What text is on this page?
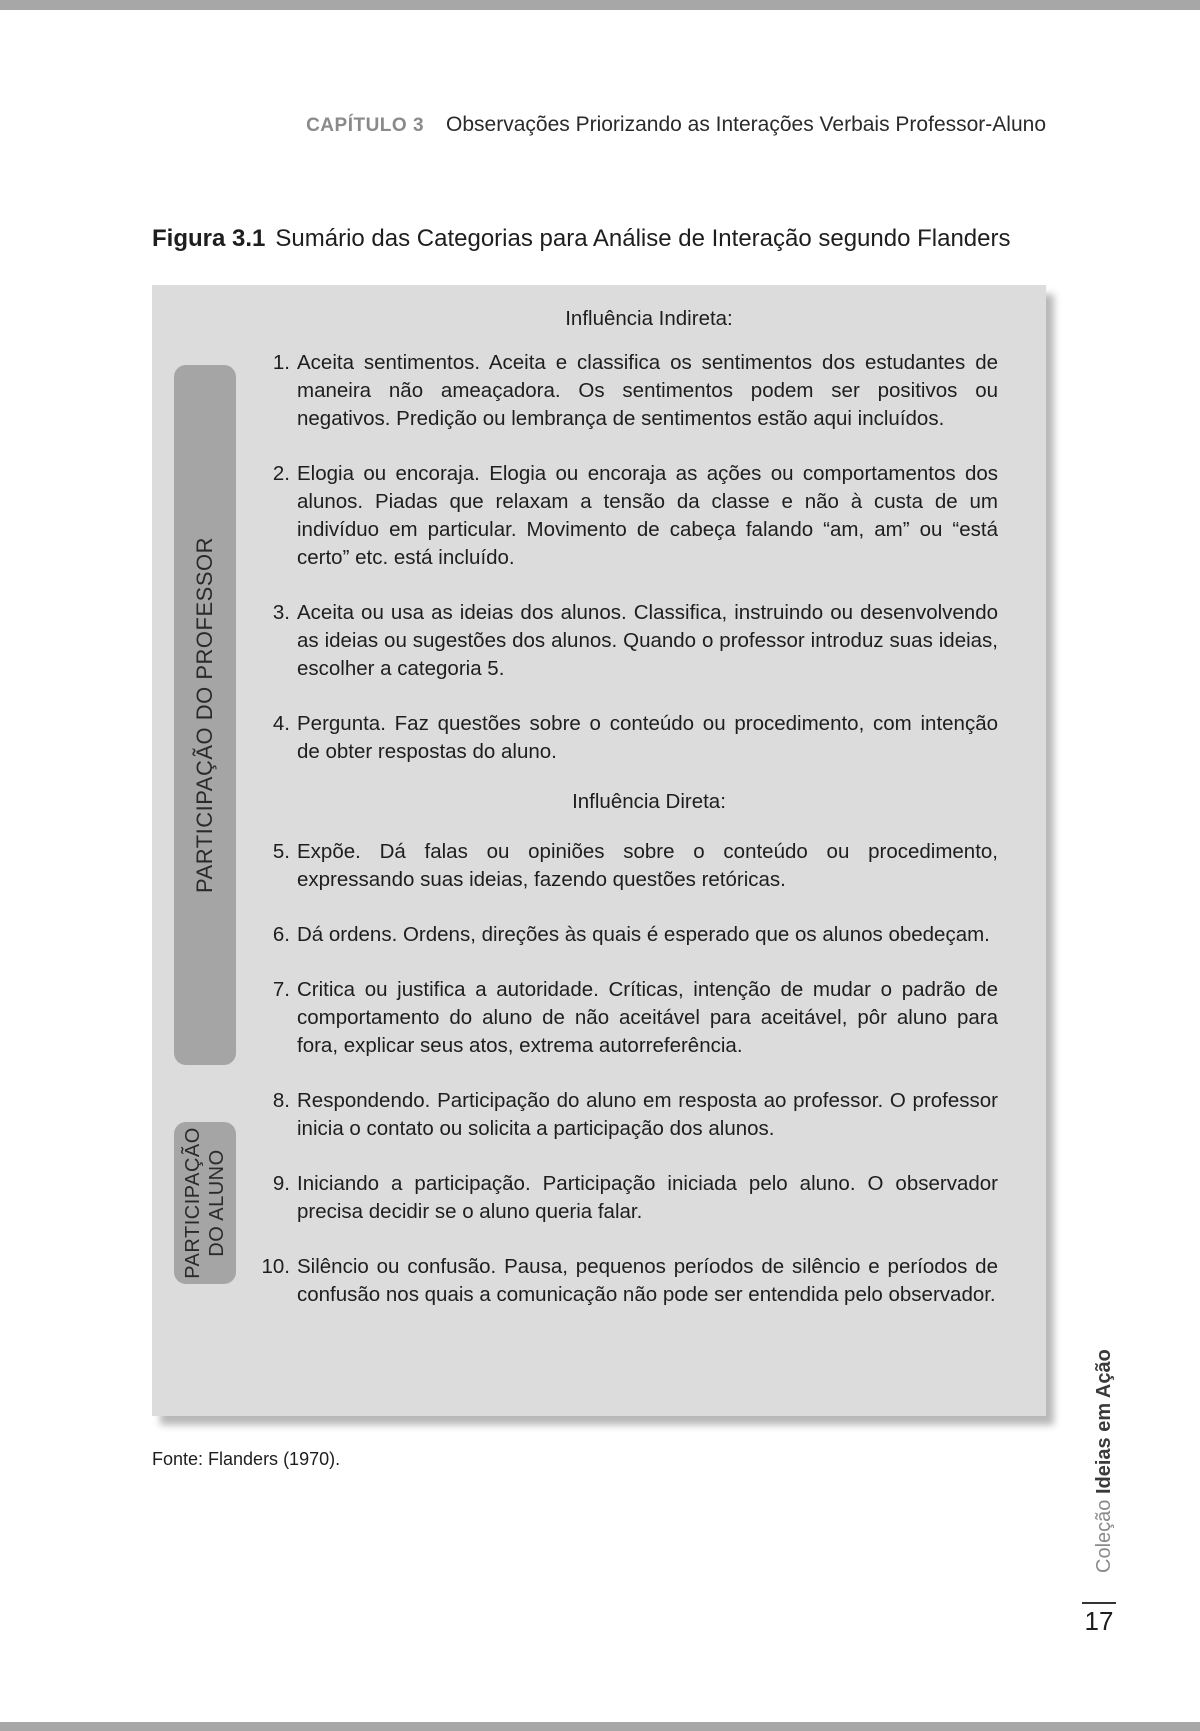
CAPÍTULO 3 Observações Priorizando as Interações Verbais Professor-Aluno
Figura 3.1 Sumário das Categorias para Análise de Interação segundo Flanders
PARTICIPAÇÃO DO PROFESSOR
PARTICIPAÇÃO DO ALUNO
Influência Indireta:
1. Aceita sentimentos. Aceita e classifica os sentimentos dos estudantes de maneira não ameaçadora. Os sentimentos podem ser positivos ou negativos. Predição ou lembrança de sentimentos estão aqui incluídos.
2. Elogia ou encoraja. Elogia ou encoraja as ações ou comportamentos dos alunos. Piadas que relaxam a tensão da classe e não à custa de um indivíduo em particular. Movimento de cabeça falando “am, am” ou “está certo” etc. está incluído.
3. Aceita ou usa as ideias dos alunos. Classifica, instruindo ou desenvolvendo as ideias ou sugestões dos alunos. Quando o professor introduz suas ideias, escolher a categoria 5.
4. Pergunta. Faz questões sobre o conteúdo ou procedimento, com intenção de obter respostas do aluno.
Influência Direta:
5. Expõe. Dá falas ou opiniões sobre o conteúdo ou procedimento, expressando suas ideias, fazendo questões retóricas.
6. Dá ordens. Ordens, direções às quais é esperado que os alunos obedeçam.
7. Critica ou justifica a autoridade. Críticas, intenção de mudar o padrão de comportamento do aluno de não aceitável para aceitável, pôr aluno para fora, explicar seus atos, extrema autorreferência.
8. Respondendo. Participação do aluno em resposta ao professor. O professor inicia o contato ou solicita a participação dos alunos.
9. Iniciando a participação. Participação iniciada pelo aluno. O observador precisa decidir se o aluno queria falar.
10. Silêncio ou confusão. Pausa, pequenos períodos de silêncio e períodos de confusão nos quais a comunicação não pode ser entendida pelo observador.
Fonte: Flanders (1970).
Coleção Ideias em Ação
17
